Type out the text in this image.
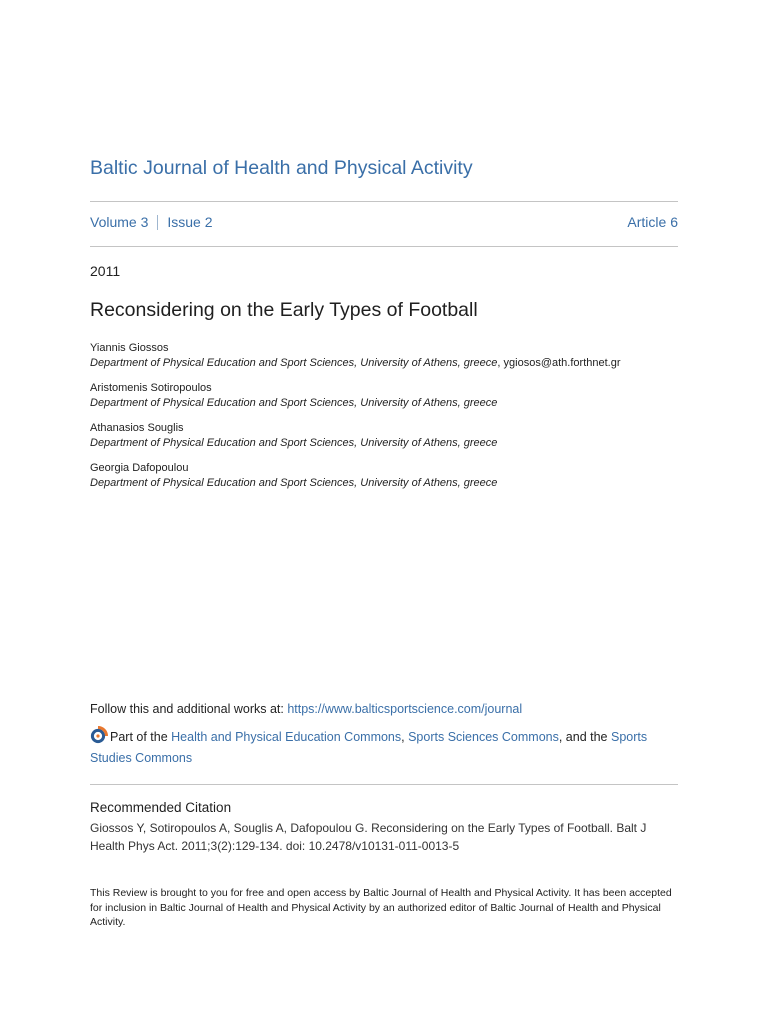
Baltic Journal of Health and Physical Activity
Volume 3 Issue 2	Article 6
2011
Reconsidering on the Early Types of Football
Yiannis Giossos
Department of Physical Education and Sport Sciences, University of Athens, greece, ygiosos@ath.forthnet.gr
Aristomenis Sotiropoulos
Department of Physical Education and Sport Sciences, University of Athens, greece
Athanasios Souglis
Department of Physical Education and Sport Sciences, University of Athens, greece
Georgia Dafopoulou
Department of Physical Education and Sport Sciences, University of Athens, greece
Follow this and additional works at: https://www.balticsportscience.com/journal
Part of the Health and Physical Education Commons, Sports Sciences Commons, and the Sports Studies Commons
Recommended Citation
Giossos Y, Sotiropoulos A, Souglis A, Dafopoulou G. Reconsidering on the Early Types of Football. Balt J Health Phys Act. 2011;3(2):129-134. doi: 10.2478/v10131-011-0013-5
This Review is brought to you for free and open access by Baltic Journal of Health and Physical Activity. It has been accepted for inclusion in Baltic Journal of Health and Physical Activity by an authorized editor of Baltic Journal of Health and Physical Activity.
